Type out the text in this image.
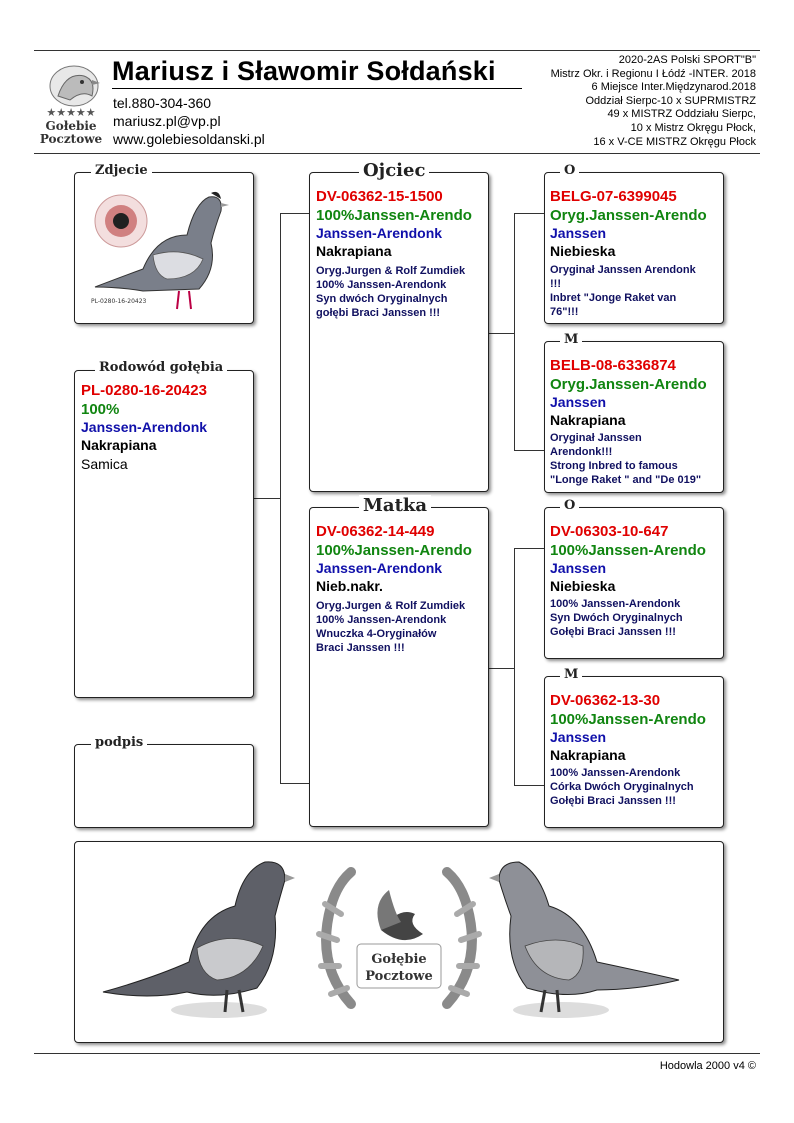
★★★★★
Gołebie
Pocztowe
Mariusz i Sławomir Sołdański
tel.880-304-360
mariusz.pl@vp.pl
www.golebiesoldanski.pl
2020-2AS Polski SPORT"B"
Mistrz Okr. i Regionu I Łódź -INTER. 2018
6 Miejsce Inter.Międzynarod.2018
Oddział Sierpc-10 x SUPRMISTRZ
49 x MISTRZ Oddziału Sierpc,
10 x Mistrz Okręgu Płock,
16 x V-CE MISTRZ Okręgu Płock
PL-0280-16-20423
Zdjecie
PL-0280-16-20423
100%
Janssen-Arendonk
Nakrapiana
Samica
Rodowód gołębia
podpis
DV-06362-15-1500
100%Janssen-Arendo
Janssen-Arendonk
Nakrapiana
Oryg.Jurgen & Rolf Zumdiek
100% Janssen-Arendonk
Syn dwóch Oryginalnych
gołębi Braci Janssen !!!
Ojciec
DV-06362-14-449
100%Janssen-Arendo
Janssen-Arendonk
Nieb.nakr.
Oryg.Jurgen & Rolf Zumdiek
100% Janssen-Arendonk
Wnuczka 4-Oryginałów
Braci Janssen !!!
Matka
BELG-07-6399045
Oryg.Janssen-Arendo
Janssen
Niebieska
Oryginał Janssen Arendonk
!!!
Inbret "Jonge Raket van
76"!!!
O
BELB-08-6336874
Oryg.Janssen-Arendo
Janssen
Nakrapiana
Oryginał Janssen
Arendonk!!!
Strong Inbred to famous
"Longe Raket " and "De 019"
M
DV-06303-10-647
100%Janssen-Arendo
Janssen
Niebieska
100% Janssen-Arendonk
Syn Dwóch Oryginalnych
Gołębi Braci Janssen !!!
O
DV-06362-13-30
100%Janssen-Arendo
Janssen
Nakrapiana
100% Janssen-Arendonk
Córka Dwóch Oryginalnych
Gołębi Braci Janssen !!!
M
Gołębie
Pocztowe
Hodowla 2000 v4 ©
